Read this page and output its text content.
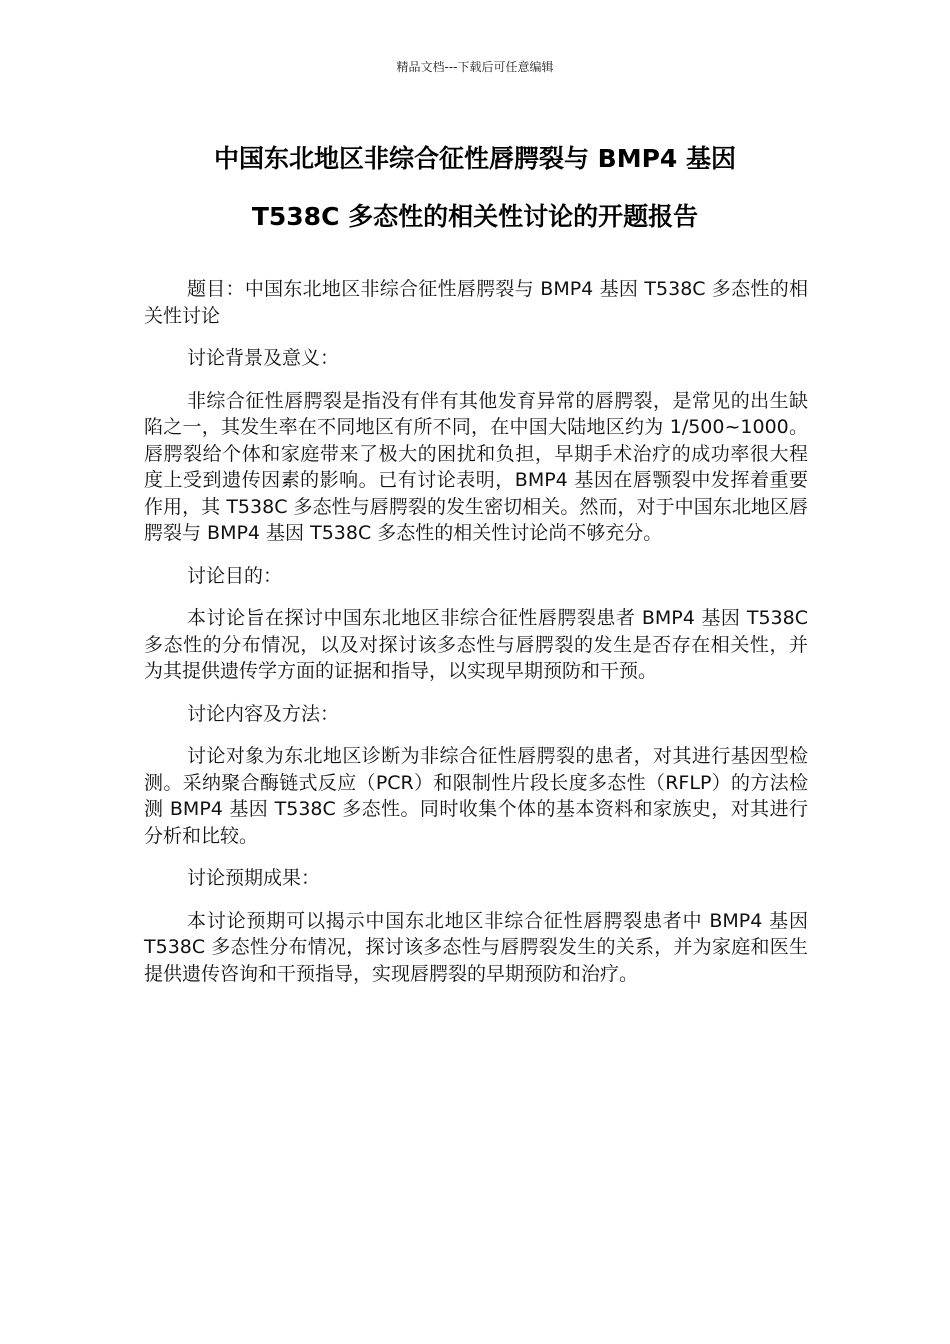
精品文档---下载后可任意编辑
中国东北地区非综合征性唇腭裂与 BMP4 基因
T538C 多态性的相关性讨论的开题报告

题目：中国东北地区非综合征性唇腭裂与 BMP4 基因 T538C 多态性的相关性讨论

讨论背景及意义：

非综合征性唇腭裂是指没有伴有其他发育异常的唇腭裂，是常见的出生缺陷之一，其发生率在不同地区有所不同，在中国大陆地区约为 1/500~1000。唇腭裂给个体和家庭带来了极大的困扰和负担，早期手术治疗的成功率很大程度上受到遗传因素的影响。已有讨论表明，BMP4 基因在唇颚裂中发挥着重要作用，其 T538C 多态性与唇腭裂的发生密切相关。然而，对于中国东北地区唇腭裂与 BMP4 基因 T538C 多态性的相关性讨论尚不够充分。

讨论目的：

本讨论旨在探讨中国东北地区非综合征性唇腭裂患者 BMP4 基因 T538C 多态性的分布情况，以及对探讨该多态性与唇腭裂的发生是否存在相关性，并为其提供遗传学方面的证据和指导，以实现早期预防和干预。

讨论内容及方法：

讨论对象为东北地区诊断为非综合征性唇腭裂的患者，对其进行基因型检测。采纳聚合酶链式反应（PCR）和限制性片段长度多态性（RFLP）的方法检测 BMP4 基因 T538C 多态性。同时收集个体的基本资料和家族史，对其进行分析和比较。

讨论预期成果：

本讨论预期可以揭示中国东北地区非综合征性唇腭裂患者中 BMP4 基因 T538C 多态性分布情况，探讨该多态性与唇腭裂发生的关系，并为家庭和医生提供遗传咨询和干预指导，实现唇腭裂的早期预防和治疗。
